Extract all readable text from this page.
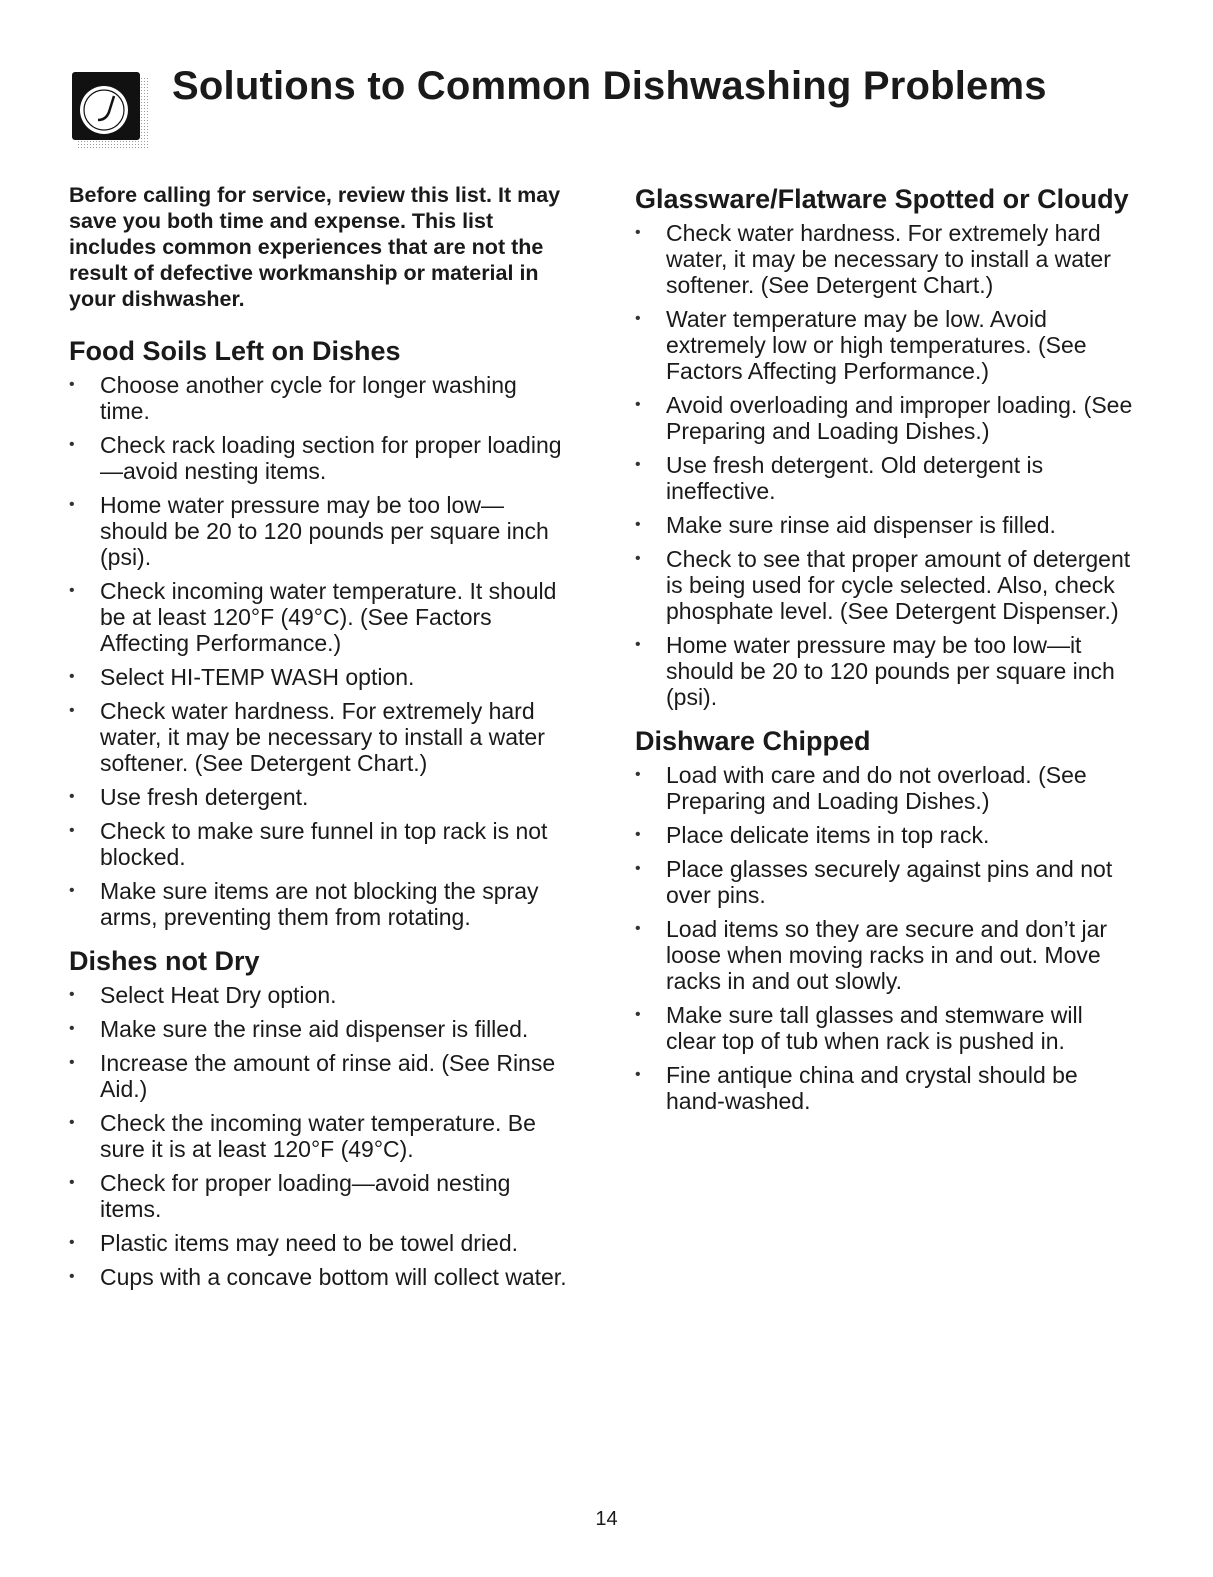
Solutions to Common Dishwashing Problems

Before calling for service, review this list. It may save you both time and expense. This list includes common experiences that are not the result of defective workmanship or material in your dishwasher.

Food Soils Left on Dishes
• Choose another cycle for longer washing time.
• Check rack loading section for proper loading—avoid nesting items.
• Home water pressure may be too low—should be 20 to 120 pounds per square inch (psi).
• Check incoming water temperature. It should be at least 120°F (49°C). (See Factors Affecting Performance.)
• Select HI-TEMP WASH option.
• Check water hardness. For extremely hard water, it may be necessary to install a water softener. (See Detergent Chart.)
• Use fresh detergent.
• Check to make sure funnel in top rack is not blocked.
• Make sure items are not blocking the spray arms, preventing them from rotating.
Dishes not Dry
• Select Heat Dry option.
• Make sure the rinse aid dispenser is filled.
• Increase the amount of rinse aid. (See Rinse Aid.)
• Check the incoming water temperature. Be sure it is at least 120°F (49°C).
• Check for proper loading—avoid nesting items.
• Plastic items may need to be towel dried.
• Cups with a concave bottom will collect water.
Glassware/Flatware Spotted or Cloudy
• Check water hardness. For extremely hard water, it may be necessary to install a water softener. (See Detergent Chart.)
• Water temperature may be low. Avoid extremely low or high temperatures. (See Factors Affecting Performance.)
• Avoid overloading and improper loading. (See Preparing and Loading Dishes.)
• Use fresh detergent. Old detergent is ineffective.
• Make sure rinse aid dispenser is filled.
• Check to see that proper amount of detergent is being used for cycle selected. Also, check phosphate level. (See Detergent Dispenser.)
• Home water pressure may be too low—it should be 20 to 120 pounds per square inch (psi).
Dishware Chipped
• Load with care and do not overload. (See Preparing and Loading Dishes.)
• Place delicate items in top rack.
• Place glasses securely against pins and not over pins.
• Load items so they are secure and don’t jar loose when moving racks in and out. Move racks in and out slowly.
• Make sure tall glasses and stemware will clear top of tub when rack is pushed in.
• Fine antique china and crystal should be hand-washed.
14
